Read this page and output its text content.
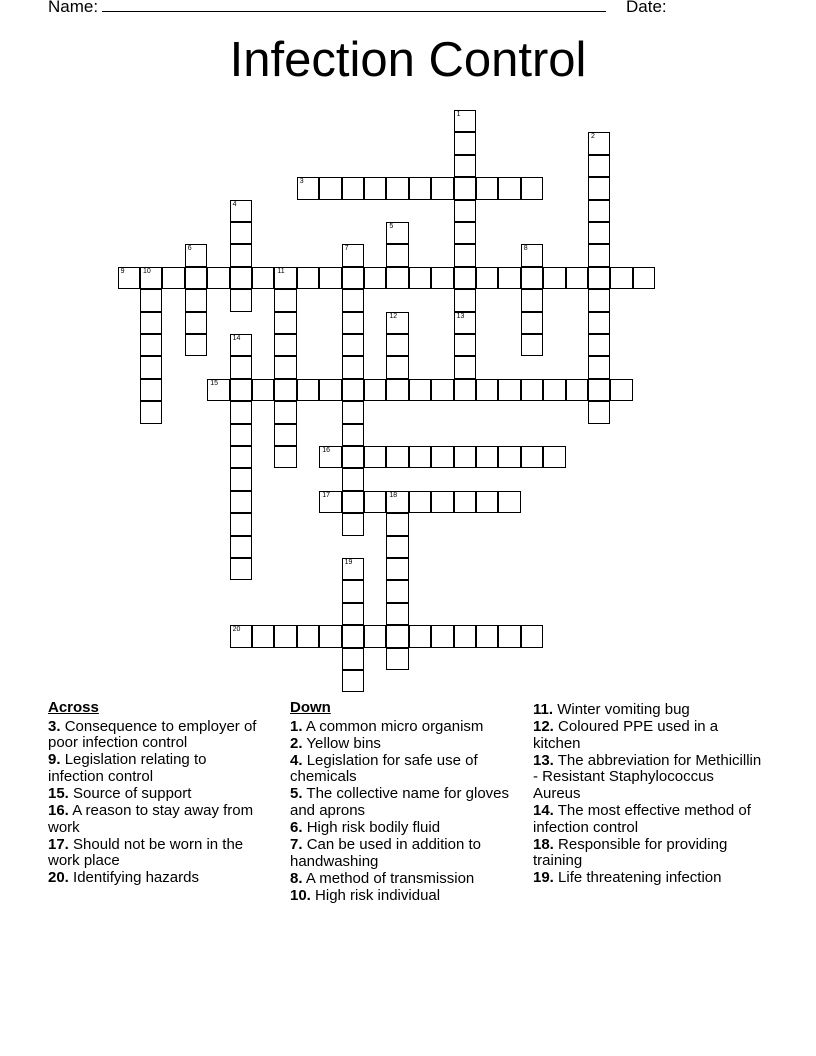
Name:	Date:
Infection Control
1
2
3
4
5
6	7	8
9	10	11
12	13
14
15
16
17	18
19
20
Across
3. Consequence to employer of poor infection control
9. Legislation relating to infection control
15. Source of support
16. A reason to stay away from work
17. Should not be worn in the work place
20. Identifying hazards
Down
1. A common micro organism
2. Yellow bins
4. Legislation for safe use of chemicals
5. The collective name for gloves and aprons
6. High risk bodily fluid
7. Can be used in addition to handwashing
8. A method of transmission
10. High risk individual
11. Winter vomiting bug
12. Coloured PPE used in a kitchen
13. The abbreviation for Methicillin - Resistant Staphylococcus Aureus
14. The most effective method of infection control
18. Responsible for providing training
19. Life threatening infection
